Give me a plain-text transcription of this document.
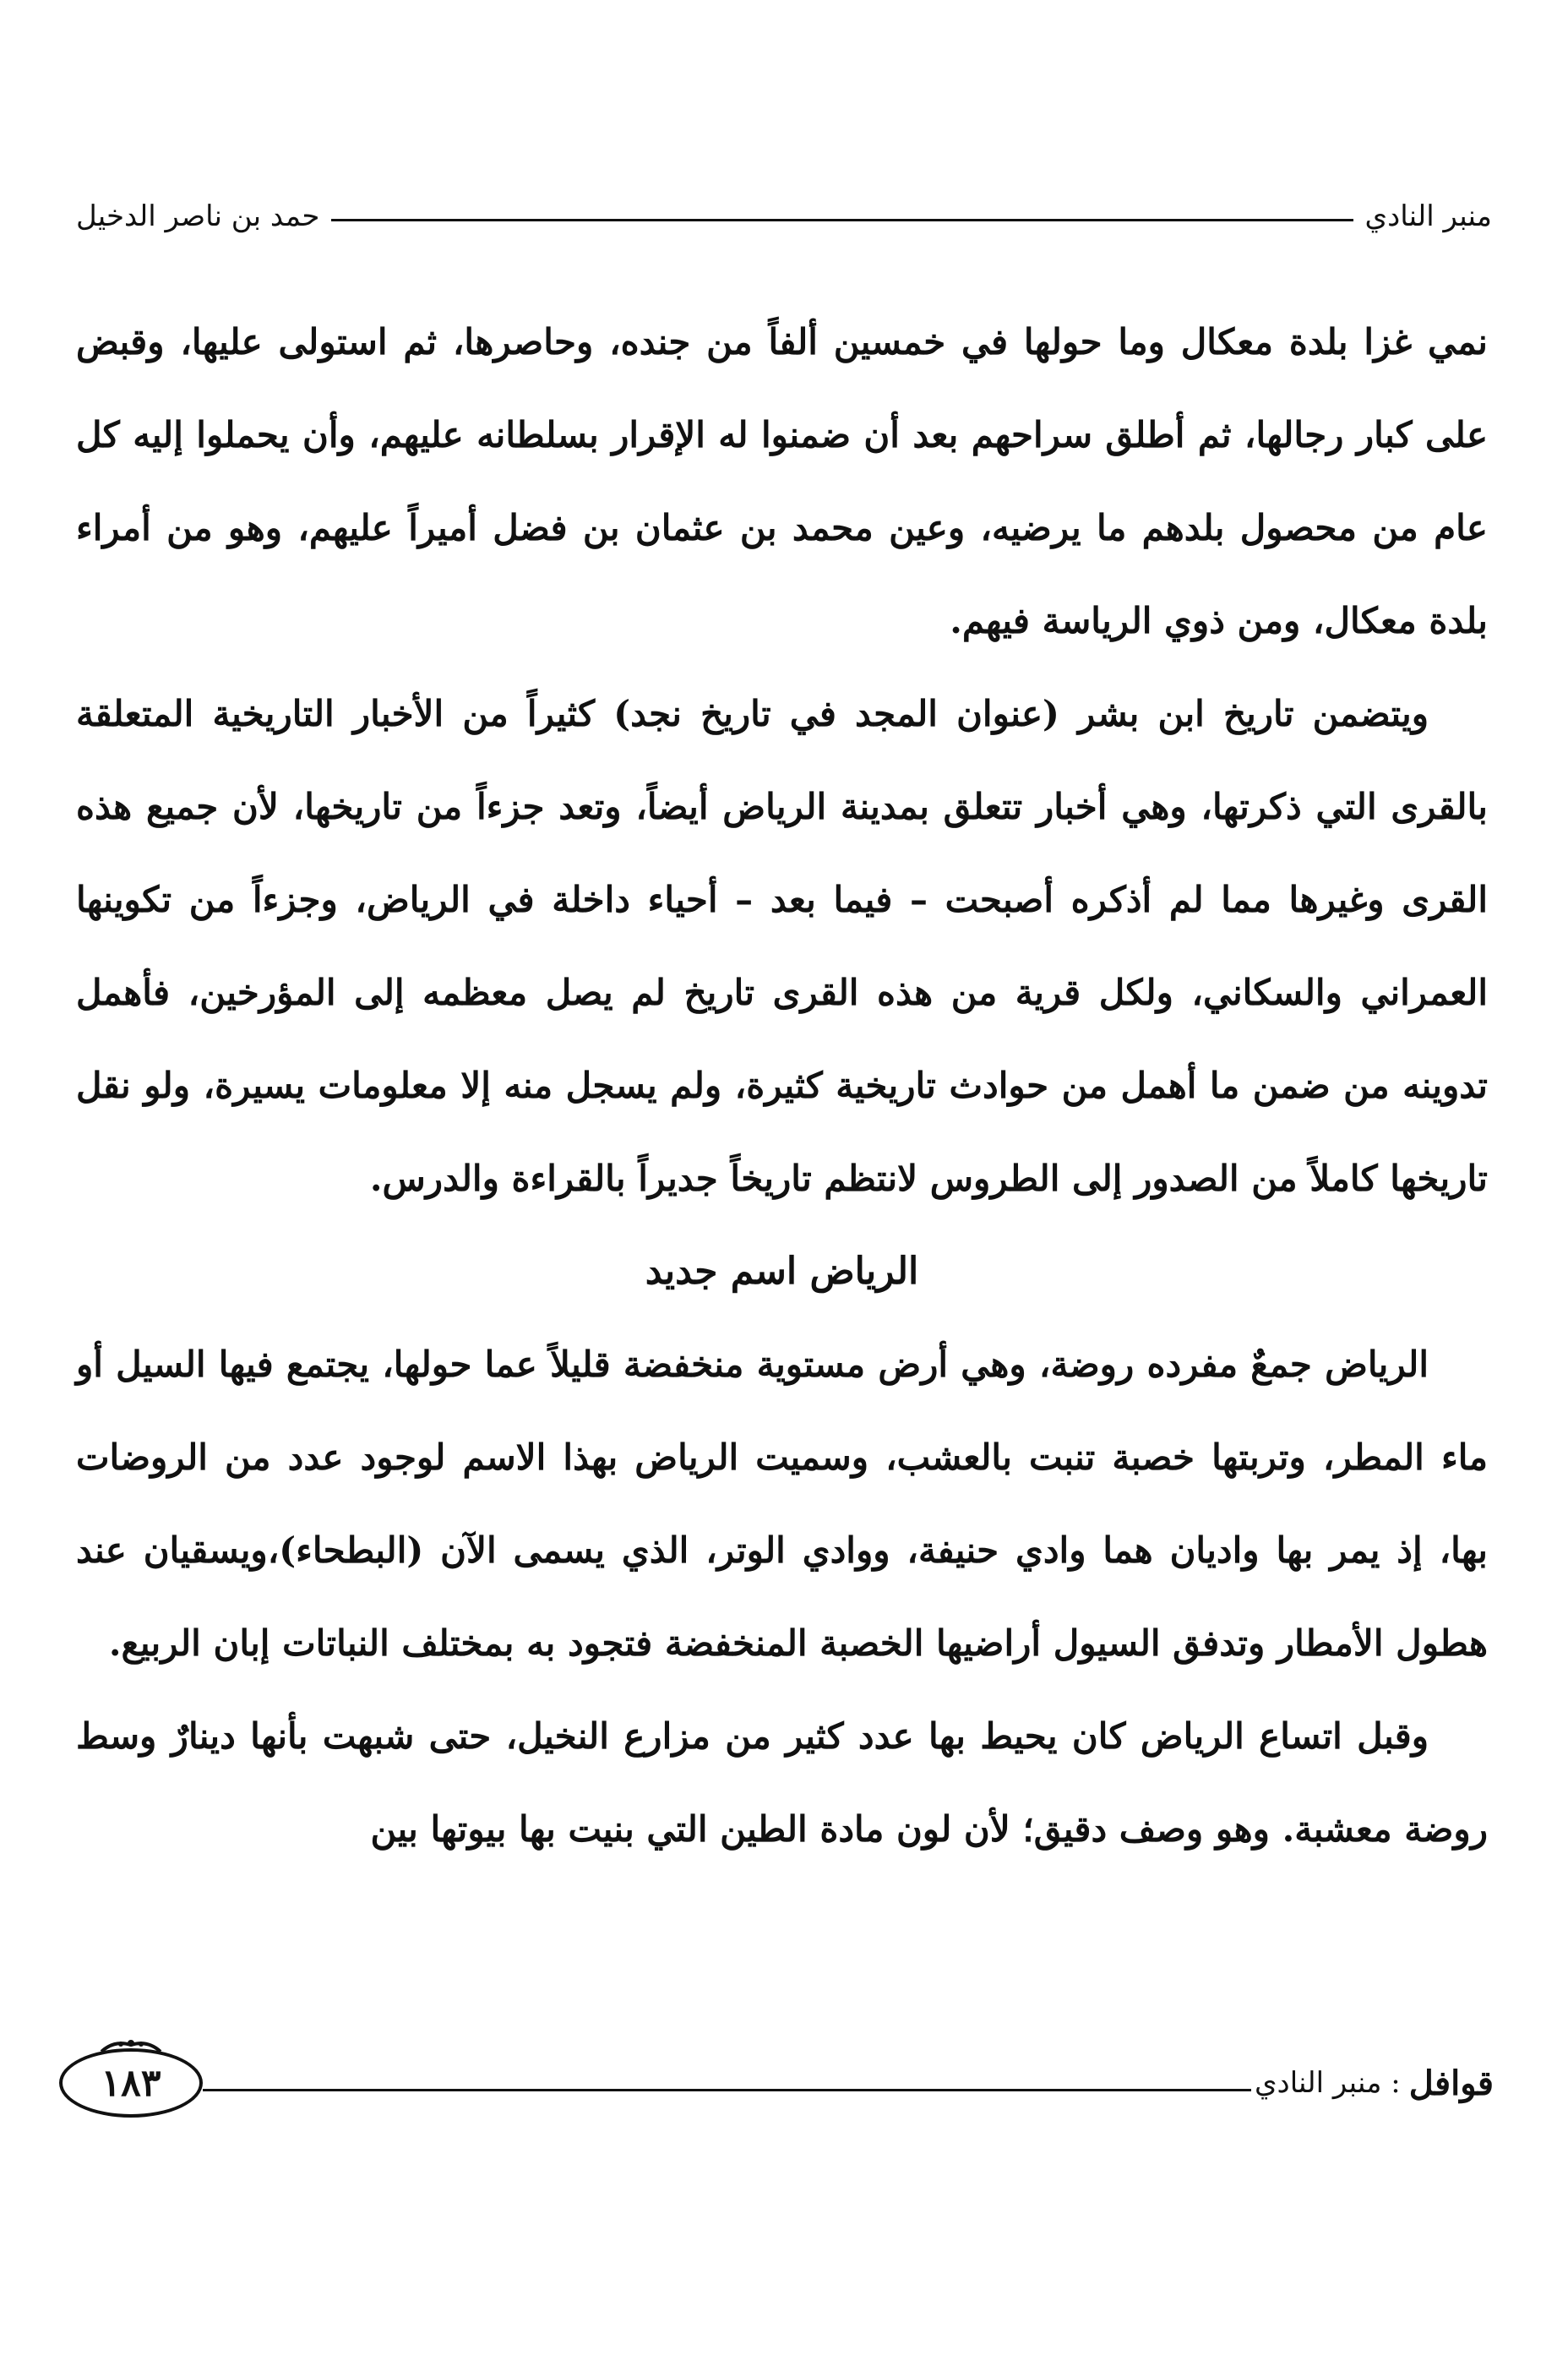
منبر النادي
حمد بن ناصر الدخيل

نمي غزا بلدة معكال وما حولها في خمسين ألفاً من جنده، وحاصرها، ثم استولى عليها، وقبض على كبار رجالها، ثم أطلق سراحهم بعد أن ضمنوا له الإقرار بسلطانه عليهم، وأن يحملوا إليه كل عام من محصول بلدهم ما يرضيه، وعين محمد بن عثمان بن فضل أميراً عليهم، وهو من أمراء بلدة معكال، ومن ذوي الرياسة فيهم.

ويتضمن تاريخ ابن بشر (عنوان المجد في تاريخ نجد) كثيراً من الأخبار التاريخية المتعلقة بالقرى التي ذكرتها، وهي أخبار تتعلق بمدينة الرياض أيضاً، وتعد جزءاً من تاريخها، لأن جميع هذه القرى وغيرها مما لم أذكره أصبحت – فيما بعد – أحياء داخلة في الرياض، وجزءاً من تكوينها العمراني والسكاني، ولكل قرية من هذه القرى تاريخ لم يصل معظمه إلى المؤرخين، فأهمل تدوينه من ضمن ما أهمل من حوادث تاريخية كثيرة، ولم يسجل منه إلا معلومات يسيرة، ولو نقل تاريخها كاملاً من الصدور إلى الطروس لانتظم تاريخاً جديراً بالقراءة والدرس.

الرياض اسم جديد

الرياض جمعٌ مفرده روضة، وهي أرض مستوية منخفضة قليلاً عما حولها، يجتمع فيها السيل أو ماء المطر، وتربتها خصبة تنبت بالعشب، وسميت الرياض بهذا الاسم لوجود عدد من الروضات بها، إذ يمر بها واديان هما وادي حنيفة، ووادي الوتر، الذي يسمى الآن (البطحاء)،ويسقيان عند هطول الأمطار وتدفق السيول أراضيها الخصبة المنخفضة فتجود به بمختلف النباتات إبان الربيع.

وقبل اتساع الرياض كان يحيط بها عدد كثير من مزارع النخيل، حتى شبهت بأنها دينارٌ وسط روضة معشبة. وهو وصف دقيق؛ لأن لون مادة الطين التي بنيت بها بيوتها بين

قوافل
: منبر النادي
١٨٣
